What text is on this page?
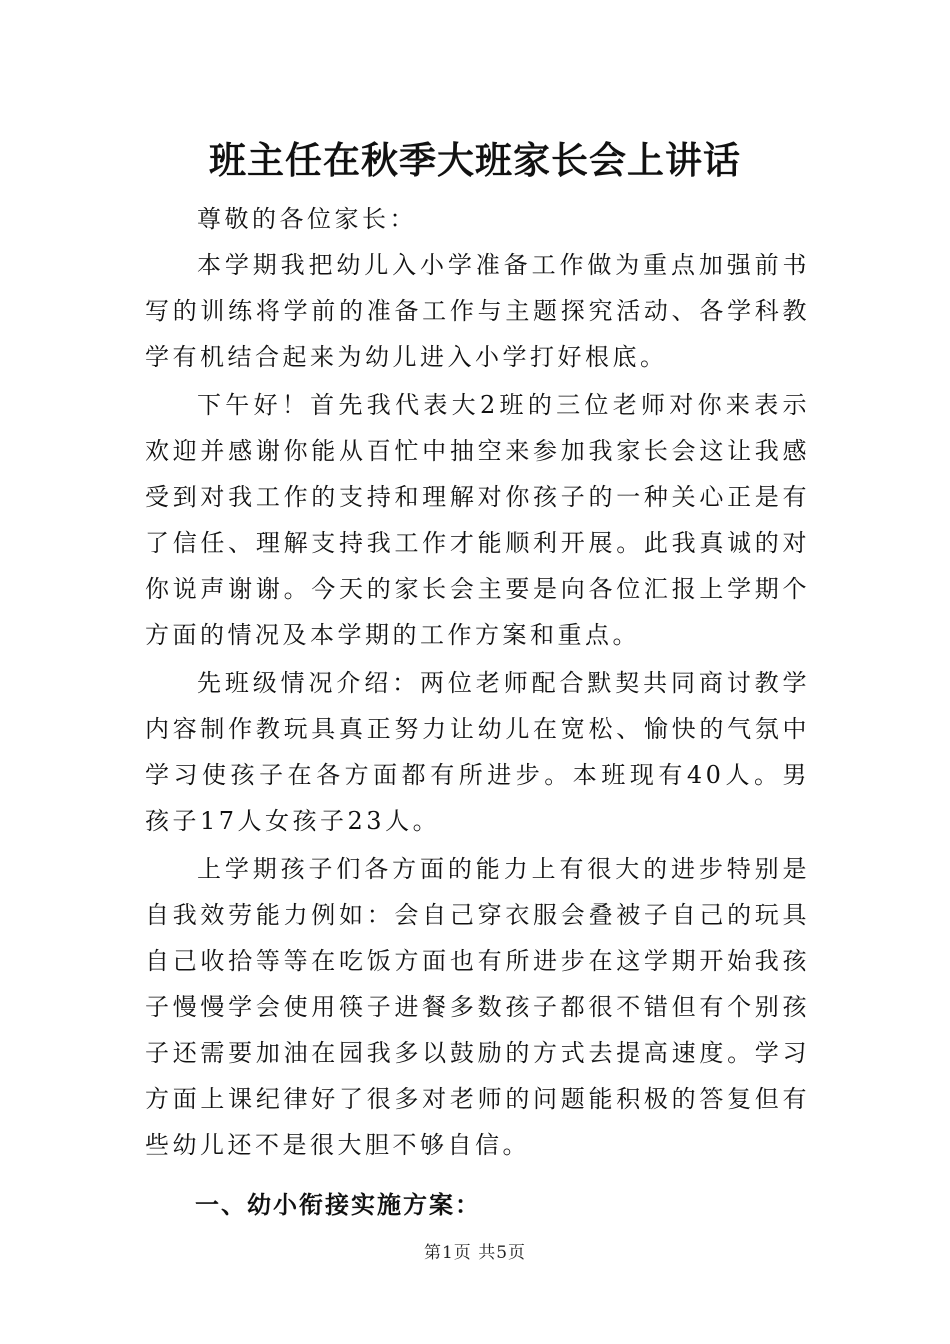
班主任在秋季大班家长会上讲话

尊敬的各位家长：

本学期我把幼儿入小学准备工作做为重点加强前书写的训练将学前的准备工作与主题探究活动、各学科教学有机结合起来为幼儿进入小学打好根底。

下午好！首先我代表大2班的三位老师对你来表示欢迎并感谢你能从百忙中抽空来参加我家长会这让我感受到对我工作的支持和理解对你孩子的一种关心正是有了信任、理解支持我工作才能顺利开展。此我真诚的对你说声谢谢。今天的家长会主要是向各位汇报上学期个方面的情况及本学期的工作方案和重点。

先班级情况介绍：两位老师配合默契共同商讨教学内容制作教玩具真正努力让幼儿在宽松、愉快的气氛中学习使孩子在各方面都有所进步。本班现有40人。男孩子17人女孩子23人。

上学期孩子们各方面的能力上有很大的进步特别是自我效劳能力例如：会自己穿衣服会叠被子自己的玩具自己收拾等等在吃饭方面也有所进步在这学期开始我孩子慢慢学会使用筷子进餐多数孩子都很不错但有个别孩子还需要加油在园我多以鼓励的方式去提高速度。学习方面上课纪律好了很多对老师的问题能积极的答复但有些幼儿还不是很大胆不够自信。

一、幼小衔接实施方案：
第1页 共5页
